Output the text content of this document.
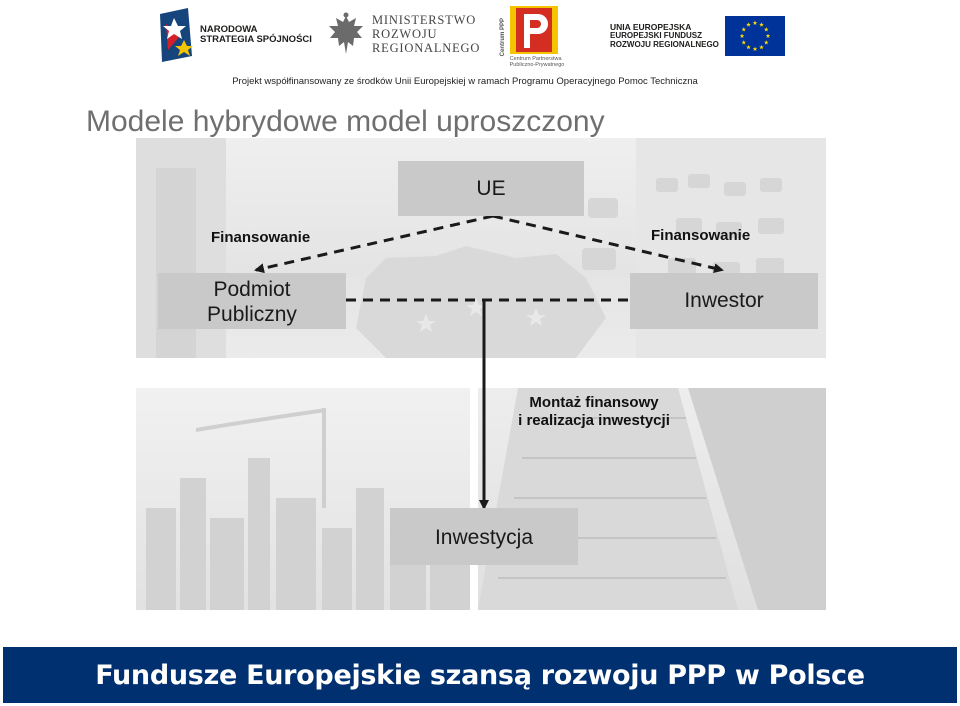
NARODOWA
STRATEGIA SPÓJNOŚCI
MINISTERSTWO
ROZWOJU
REGIONALNEGO	Centrum PPP
Centrum Partnerstwa
Publiczno-Prywatnego
UNIA EUROPEJSKA
EUROPEJSKI FUNDUSZ
ROZWOJU REGIONALNEGO
Projekt współfinansowany ze środków Unii Europejskiej w ramach Programu Operacyjnego Pomoc Techniczna
Modele hybrydowe model uproszczony
UE
Podmiot
Publiczny
Inwestor
Inwestycja
Finansowanie	Finansowanie
Montaż finansowy
i realizacja inwestycji
Fundusze Europejskie szansą rozwoju PPP w Polsce
